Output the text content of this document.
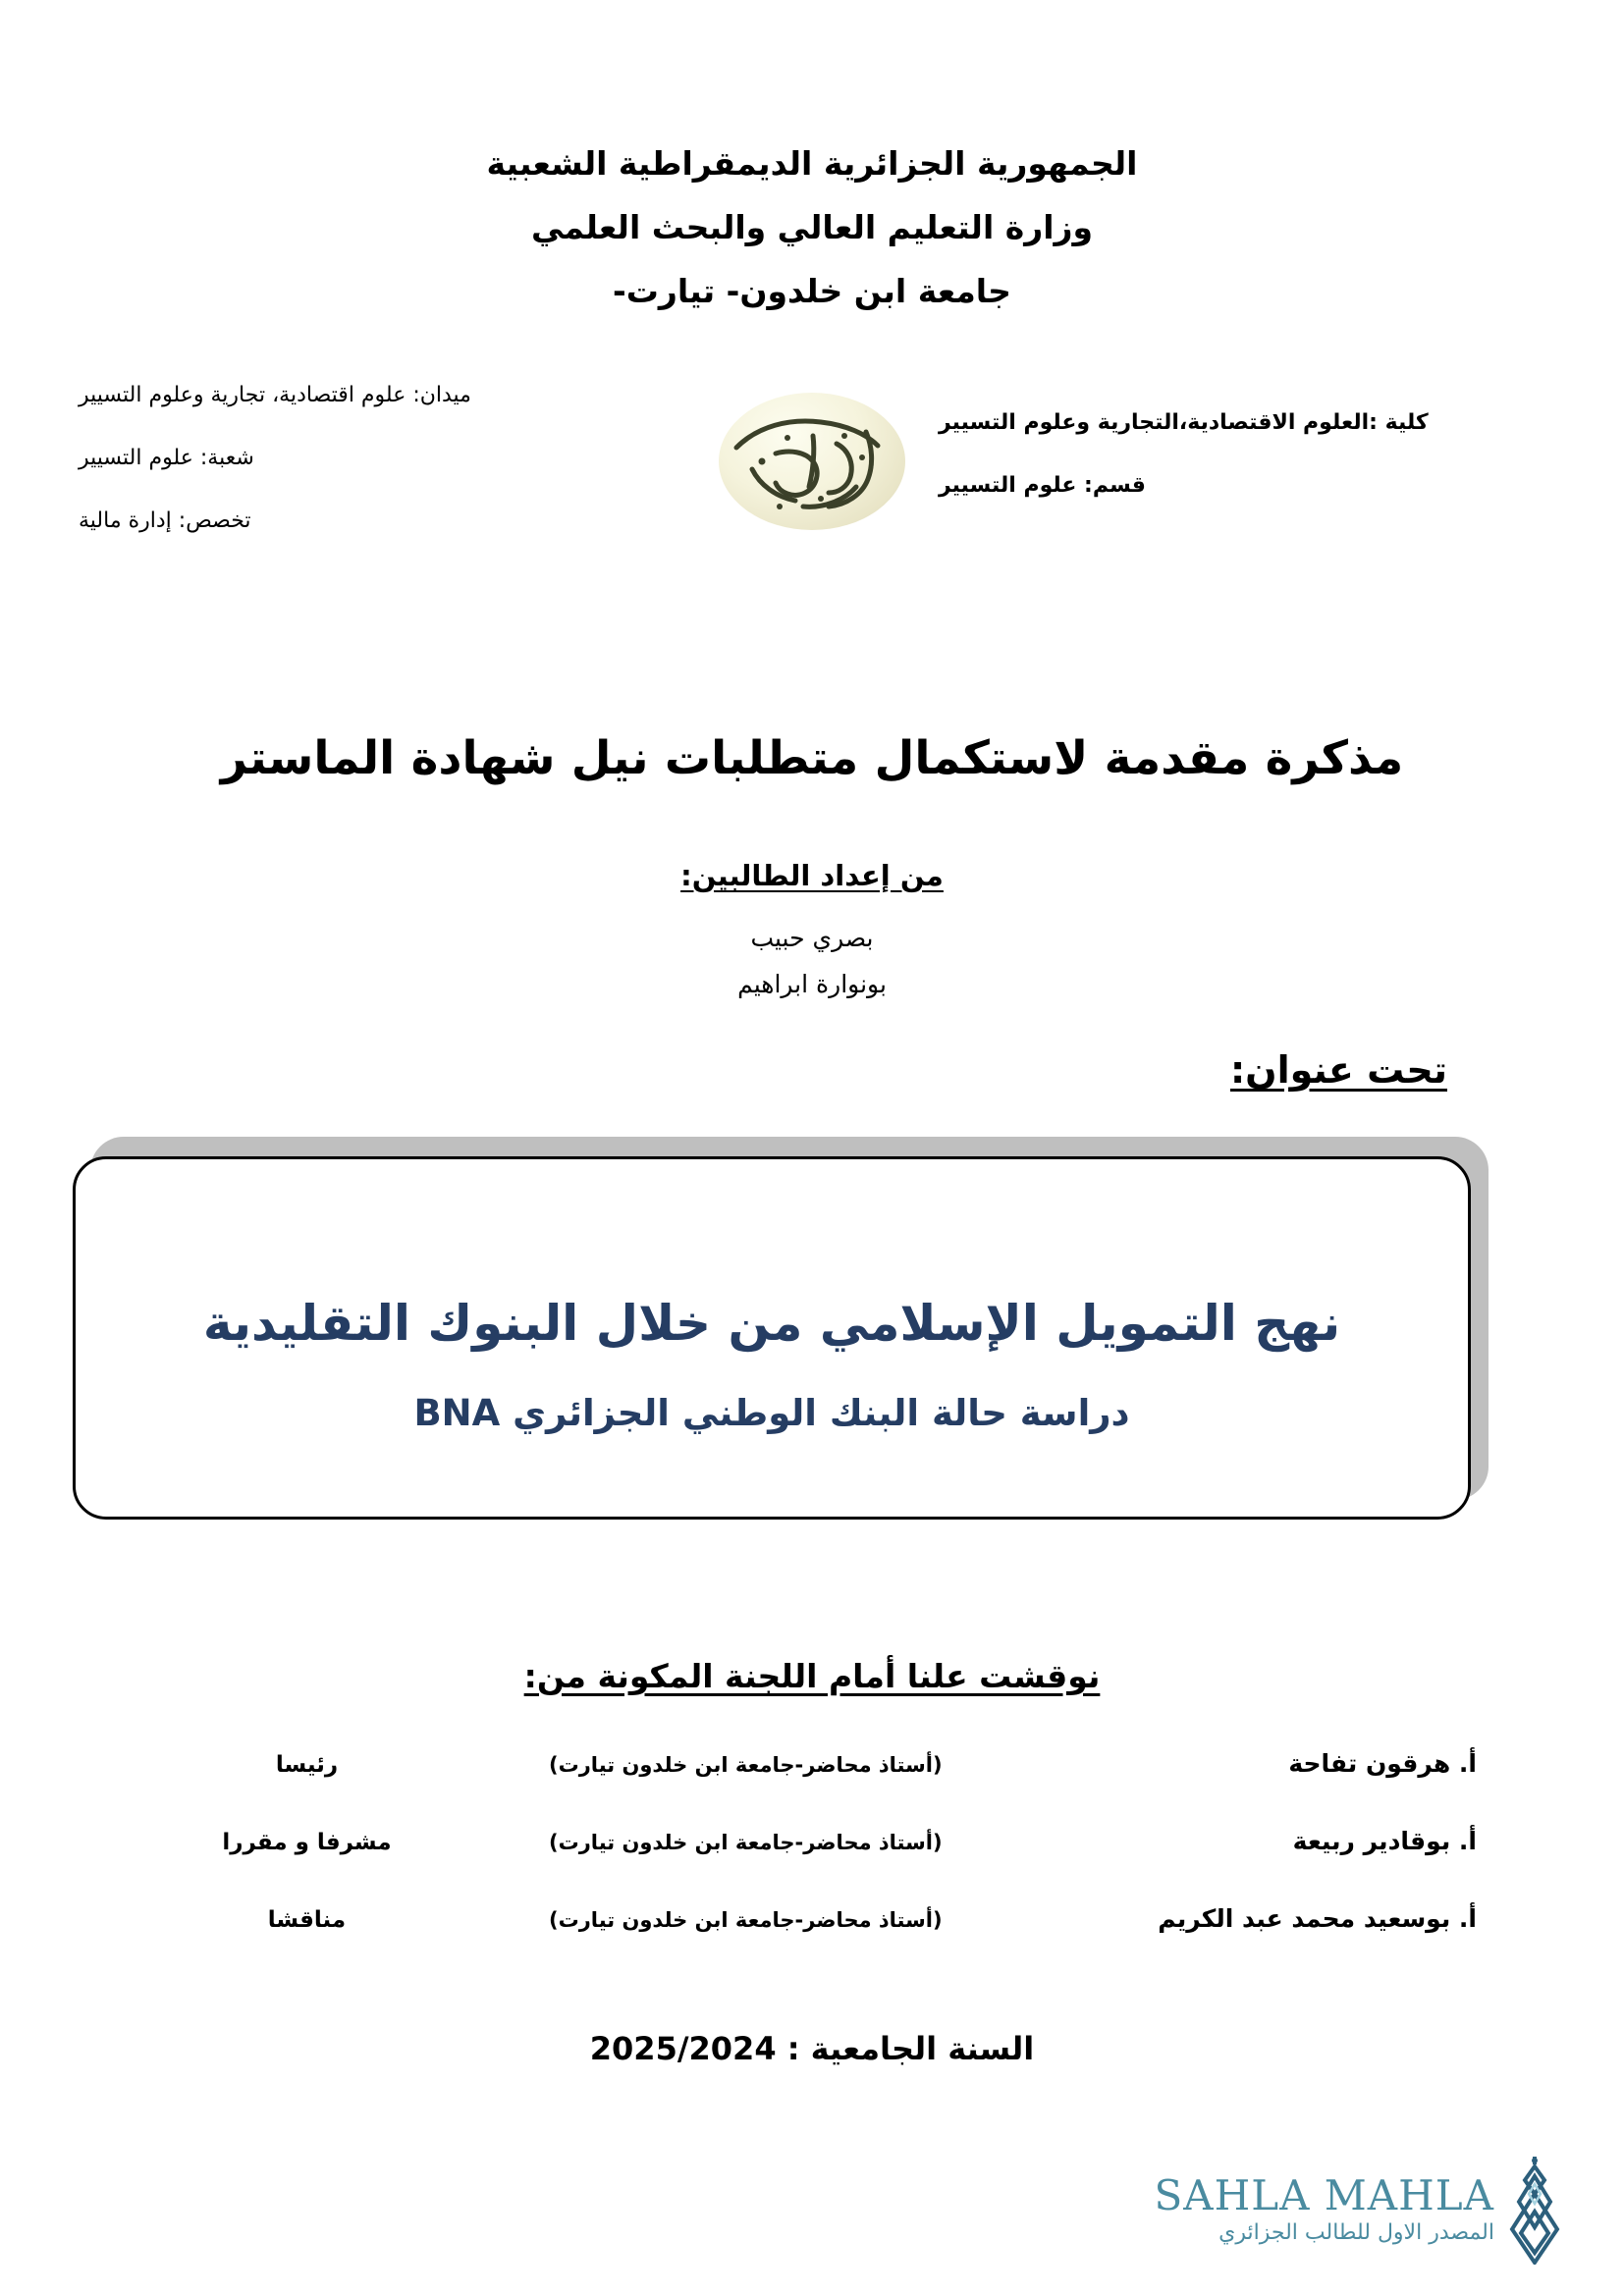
الجمهورية الجزائرية الديمقراطية الشعبية
وزارة التعليم العالي والبحث العلمي
جامعة ابن خلدون- تيارت-
كلية :العلوم الاقتصادية،التجارية وعلوم التسيير
قسم: علوم التسيير
ميدان: علوم اقتصادية، تجارية وعلوم التسيير
شعبة: علوم التسيير
تخصص: إدارة مالية
مذكرة مقدمة لاستكمال متطلبات نيل شهادة الماستر
من إعداد الطالبين:
بصري حبيب
بونوارة ابراهيم
تحت عنوان:
نهج التمويل الإسلامي من خلال البنوك التقليدية
دراسة حالة البنك الوطني الجزائري BNA
نوقشت علنا أمام اللجنة المكونة من:
أ. هرقون تفاحة
(أستاذ محاضر-جامعة ابن خلدون تيارت)
رئيسا
أ. بوقادير ربيعة
(أستاذ محاضر-جامعة ابن خلدون تيارت)
مشرفا و مقررا
أ. بوسعيد محمد عبد الكريم
(أستاذ محاضر-جامعة ابن خلدون تيارت)
مناقشا
السنة الجامعية : 2025/2024
SAHLA MAHLA
المصدر الاول للطالب الجزائري
